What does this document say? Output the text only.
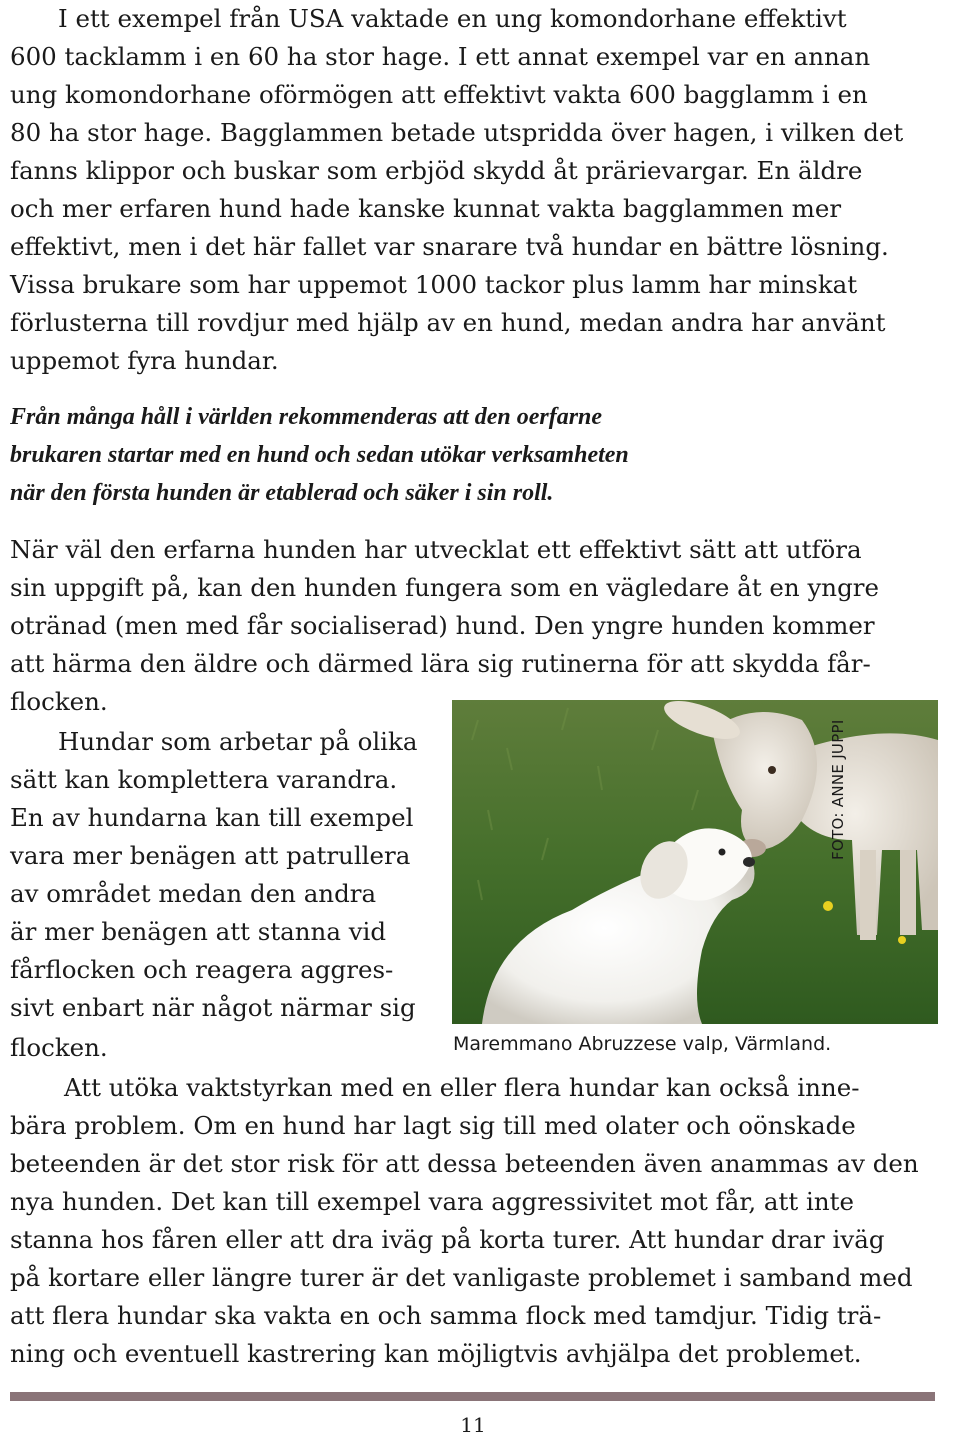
I ett exempel från USA vaktade en ung komondorhane effektivt
600 tacklamm i en 60 ha stor hage. I ett annat exempel var en annan
ung komondorhane oförmögen att effektivt vakta 600 bagglamm i en
80 ha stor hage. Bagglammen betade utspridda över hagen, i vilken det
fanns klippor och buskar som erbjöd skydd åt prärievargar. En äldre
och mer erfaren hund hade kanske kunnat vakta bagglammen mer
effektivt, men i det här fallet var snarare två hundar en bättre lösning.
Vissa brukare som har uppemot 1000 tackor plus lamm har minskat
förlusterna till rovdjur med hjälp av en hund, medan andra har använt
uppemot fyra hundar.
Från många håll i världen rekommenderas att den oerfarne
brukaren startar med en hund och sedan utökar verksamheten
när den första hunden är etablerad och säker i sin roll.
När väl den erfarna hunden har utvecklat ett effektivt sätt att utföra
sin uppgift på, kan den hunden fungera som en vägledare åt en yngre
otränad (men med får socialiserad) hund. Den yngre hunden kommer
att härma den äldre och därmed lära sig rutinerna för att skydda får-
flocken.
Hundar som arbetar på olika
sätt kan komplettera varandra.
En av hundarna kan till exempel
vara mer benägen att patrullera
av området medan den andra
är mer benägen att stanna vid
fårflocken och reagera aggres-
sivt enbart när något närmar sig
flocken.	Maremmano Abruzzese valp, Värmland.
FOTO: ANNE JUPPI
Att utöka vaktstyrkan med en eller flera hundar kan också inne-
bära problem. Om en hund har lagt sig till med olater och oönskade
beteenden är det stor risk för att dessa beteenden även anammas av den
nya hunden. Det kan till exempel vara aggressivitet mot får, att inte
stanna hos fåren eller att dra iväg på korta turer. Att hundar drar iväg
på kortare eller längre turer är det vanligaste problemet i samband med
att flera hundar ska vakta en och samma flock med tamdjur. Tidig trä-
ning och eventuell kastrering kan möjligtvis avhjälpa det problemet.
11
